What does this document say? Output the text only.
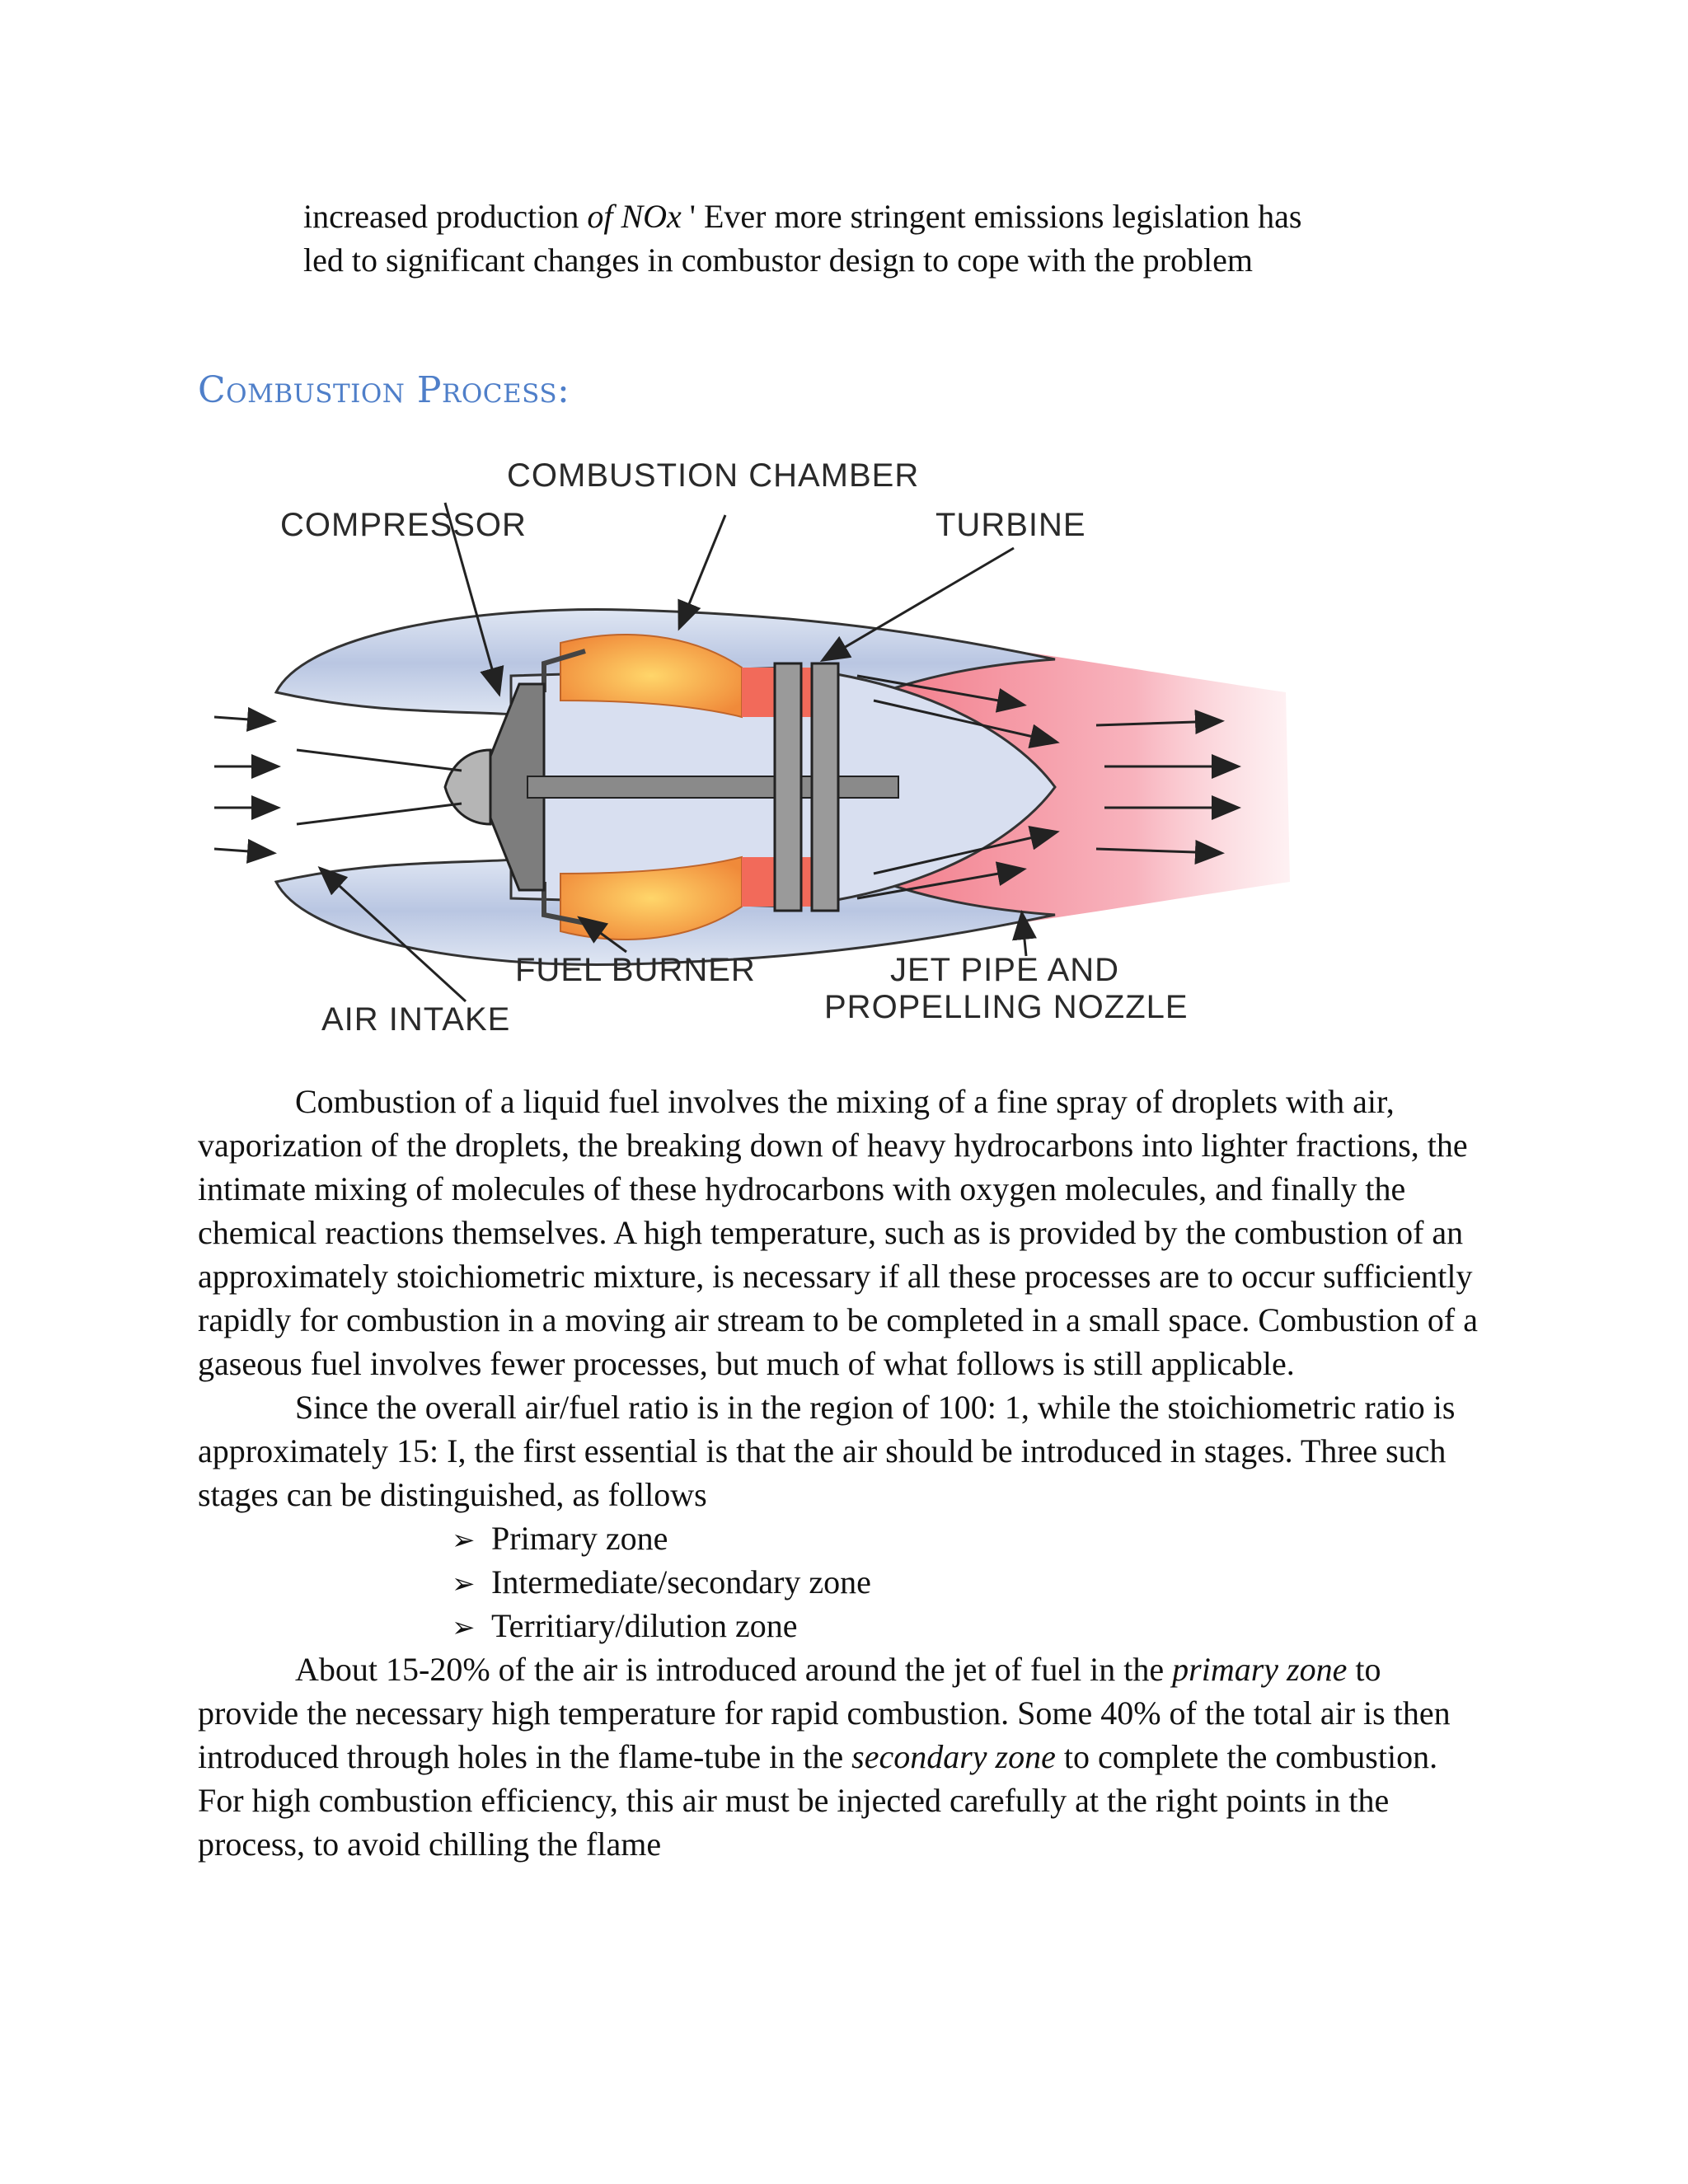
increased production of NOx ' Ever more stringent emissions legislation has
led to significant changes in combustor design to cope with the problem
Combustion Process:
COMBUSTION CHAMBER
COMPRESSOR	TURBINE
FUEL BURNER
AIR INTAKE
JET PIPE AND
PROPELLING NOZZLE

Combustion of a liquid fuel involves the mixing of a fine spray of droplets with air, vaporization of the droplets, the breaking down of heavy hydrocarbons into lighter fractions, the intimate mixing of molecules of these hydrocarbons with oxygen molecules, and finally the chemical reactions themselves. A high temperature, such as is provided by the combustion of an approximately stoichiometric mixture, is necessary if all these processes are to occur sufficiently rapidly for combustion in a moving air stream to be completed in a small space. Combustion of a gaseous fuel involves fewer processes, but much of what follows is still applicable.

Since the overall air/fuel ratio is in the region of 100: 1, while the stoichiometric ratio is approximately 15: I, the first essential is that the air should be introduced in stages. Three such stages can be distinguished, as follows

➢ Primary zone
➢ Intermediate/secondary zone
➢ Territiary/dilution zone

About 15-20% of the air is introduced around the jet of fuel in the primary zone to provide the necessary high temperature for rapid combustion. Some 40% of the total air is then introduced through holes in the flame-tube in the secondary zone to complete the combustion. For high combustion efficiency, this air must be injected carefully at the right points in the process, to avoid chilling the flame
